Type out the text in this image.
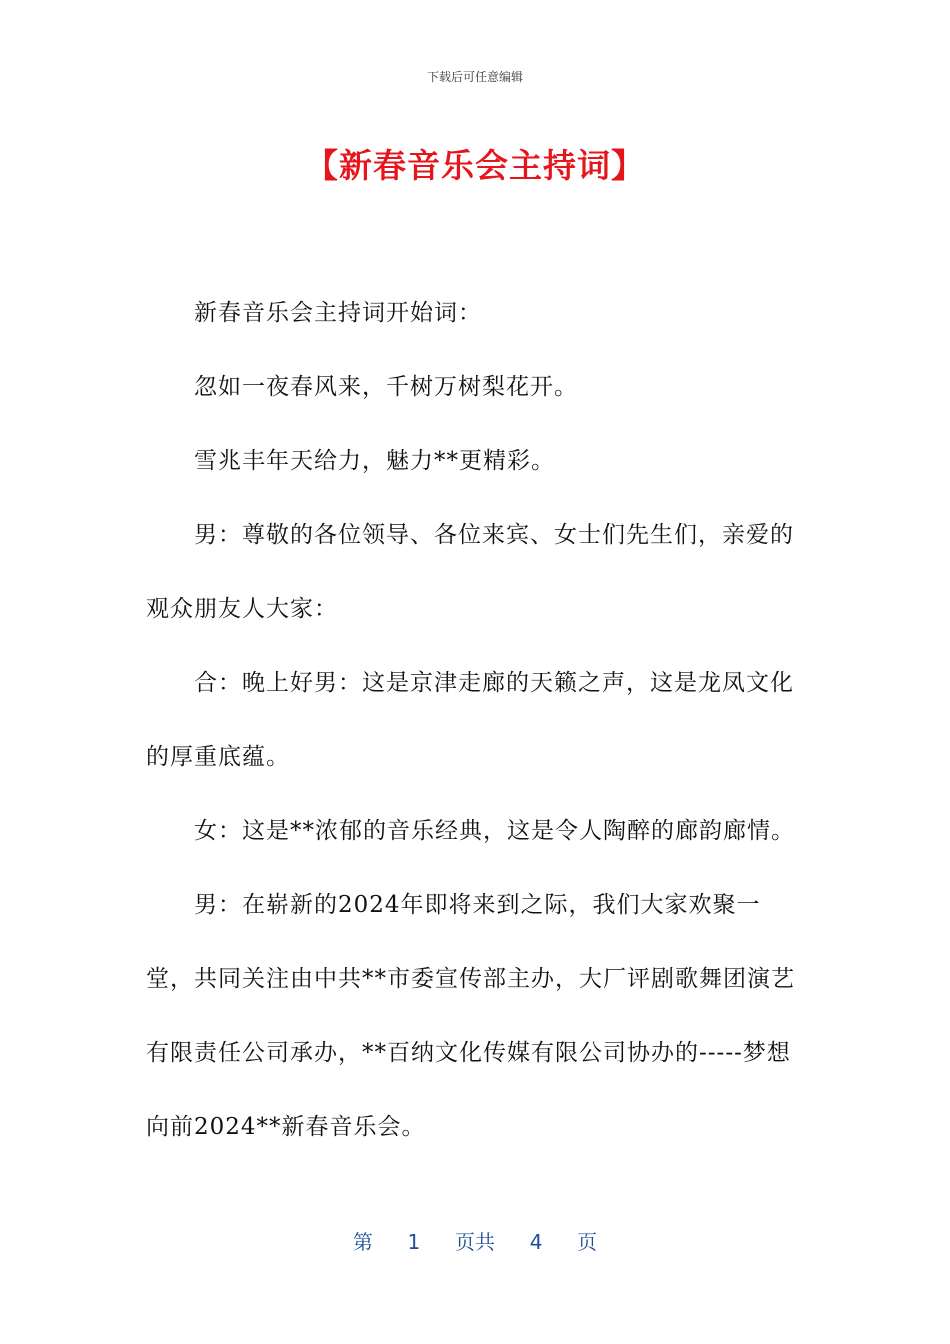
下载后可任意编辑
【新春音乐会主持词】

新春音乐会主持词开始词：

忽如一夜春风来，千树万树梨花开。

雪兆丰年天给力，魅力**更精彩。

男：尊敬的各位领导、各位来宾、女士们先生们，亲爱的观众朋友人大家：

合：晚上好男：这是京津走廊的天籁之声，这是龙凤文化的厚重底蕴。

女：这是**浓郁的音乐经典，这是令人陶醉的廊韵廊情。

男：在崭新的2024年即将来到之际，我们大家欢聚一堂，共同关注由中共**市委宣传部主办，大厂评剧歌舞团演艺有限责任公司承办，**百纳文化传媒有限公司协办的-----梦想向前2024**新春音乐会。

第 1 页共 4 页
